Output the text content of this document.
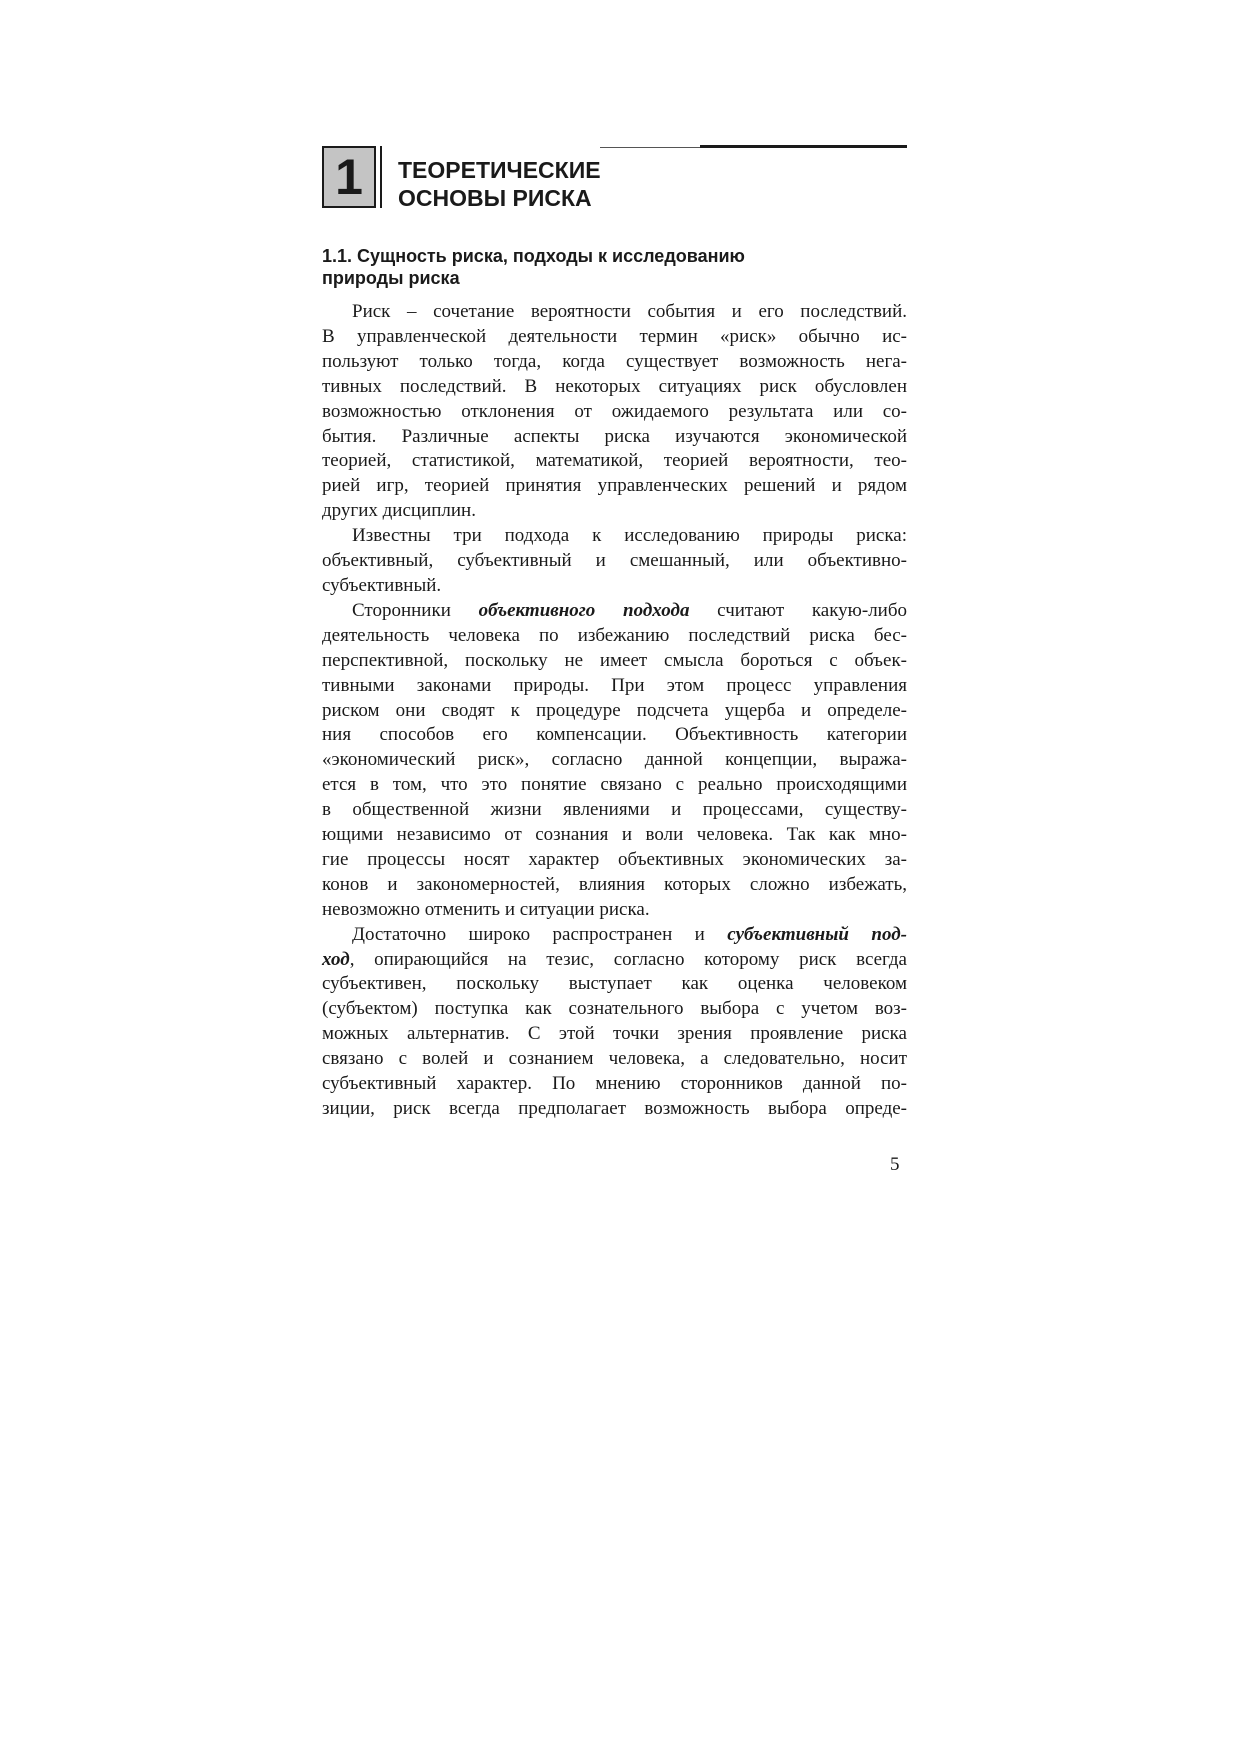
1 ТЕОРЕТИЧЕСКИЕ
ОСНОВЫ РИСКА
1.1. Сущность риска, подходы к исследованию
природы риска

Риск – сочетание вероятности события и его последствий.
В управленческой деятельности термин «риск» обычно ис-
пользуют только тогда, когда существует возможность нега-
тивных последствий. В некоторых ситуациях риск обусловлен
возможностью отклонения от ожидаемого результата или со-
бытия. Различные аспекты риска изучаются экономической
теорией, статистикой, математикой, теорией вероятности, тео-
рией игр, теорией принятия управленческих решений и рядом
других дисциплин.

Известны три подхода к исследованию природы риска:
объективный, субъективный и смешанный, или объективно-
субъективный.

Сторонники объективного подхода считают какую-либо
деятельность человека по избежанию последствий риска бес-
перспективной, поскольку не имеет смысла бороться с объек-
тивными законами природы. При этом процесс управления
риском они сводят к процедуре подсчета ущерба и определе-
ния способов его компенсации. Объективность категории
«экономический риск», согласно данной концепции, выража-
ется в том, что это понятие связано с реально происходящими
в общественной жизни явлениями и процессами, существу-
ющими независимо от сознания и воли человека. Так как мно-
гие процессы носят характер объективных экономических за-
конов и закономерностей, влияния которых сложно избежать,
невозможно отменить и ситуации риска.

Достаточно широко распространен и субъективный под-
ход, опирающийся на тезис, согласно которому риск всегда
субъективен, поскольку выступает как оценка человеком
(субъектом) поступка как сознательного выбора с учетом воз-
можных альтернатив. С этой точки зрения проявление риска
связано с волей и сознанием человека, а следовательно, носит
субъективный характер. По мнению сторонников данной по-
зиции, риск всегда предполагает возможность выбора опреде-

5
